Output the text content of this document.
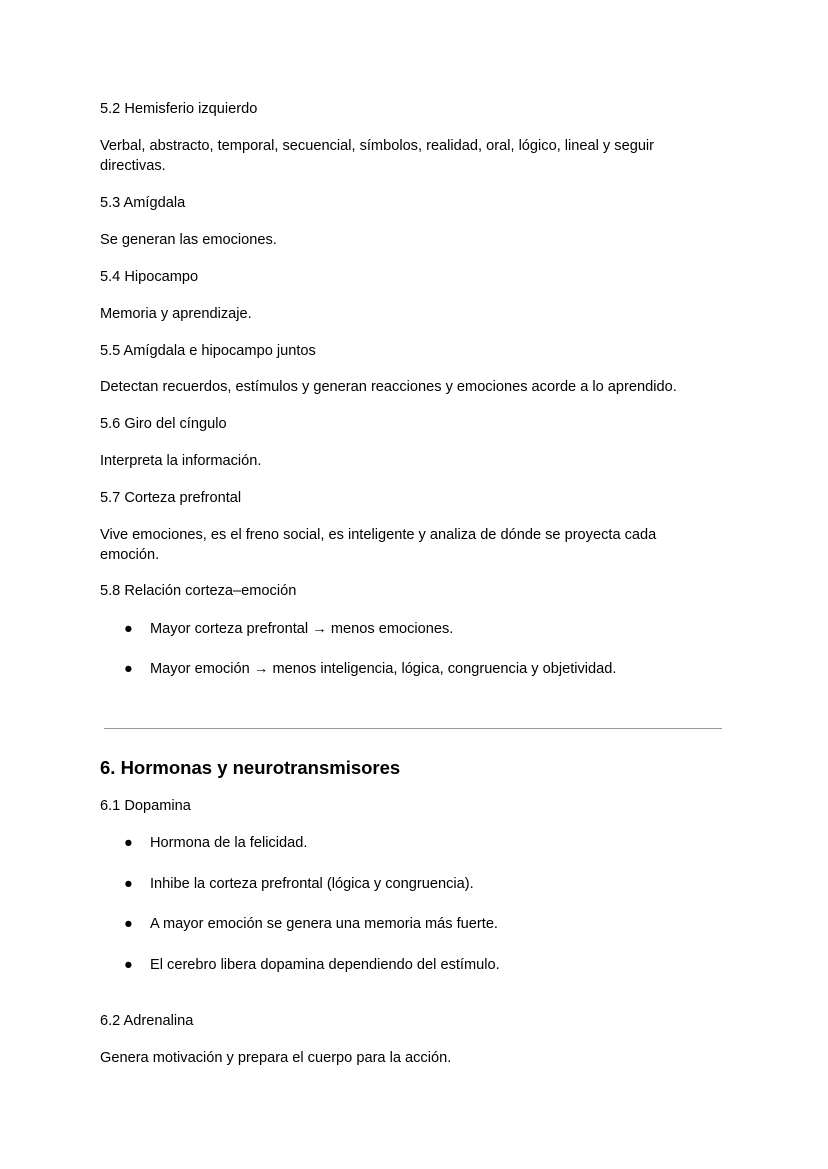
5.2 Hemisferio izquierdo
Verbal, abstracto, temporal, secuencial, símbolos, realidad, oral, lógico, lineal y seguir directivas.
5.3 Amígdala
Se generan las emociones.
5.4 Hipocampo
Memoria y aprendizaje.
5.5 Amígdala e hipocampo juntos
Detectan recuerdos, estímulos y generan reacciones y emociones acorde a lo aprendido.
5.6 Giro del cíngulo
Interpreta la información.
5.7 Corteza prefrontal
Vive emociones, es el freno social, es inteligente y analiza de dónde se proyecta cada emoción.
5.8 Relación corteza–emoción
● Mayor corteza prefrontal → menos emociones.
● Mayor emoción → menos inteligencia, lógica, congruencia y objetividad.
6. Hormonas y neurotransmisores
6.1 Dopamina
● Hormona de la felicidad.
● Inhibe la corteza prefrontal (lógica y congruencia).
● A mayor emoción se genera una memoria más fuerte.
● El cerebro libera dopamina dependiendo del estímulo.
6.2 Adrenalina
Genera motivación y prepara el cuerpo para la acción.
